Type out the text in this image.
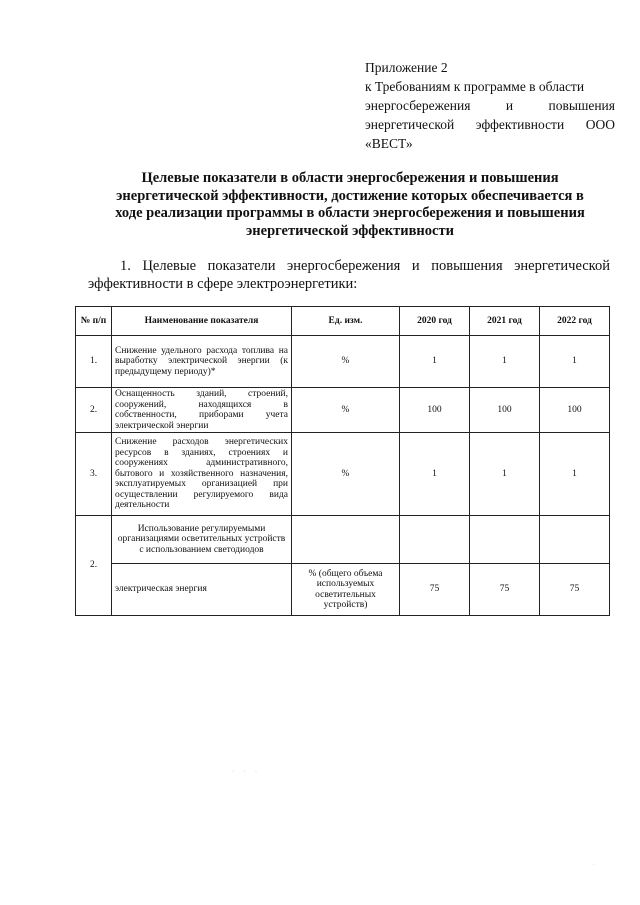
Приложение 2
к Требованиям к программе в области
энергосбережения и повышения
энергетической эффективности ООО
«ВЕСТ»
Целевые показатели в области энергосбережения и повышения
энергетической эффективности, достижение которых обеспечивается в
ходе реализации программы в области энергосбережения и повышения
энергетической эффективности
1. Целевые показатели энергосбережения и повышения энергетической
эффективности в сфере электроэнергетики:
№ п/п	Наименование показателя	Ед. изм.	2020 год	2021 год	2022 год
1.	Снижение удельного расхода топлива на выработку электрической энергии (к предыдущему периоду)*	%	1	1	1
2.	Оснащенность зданий, строений, сооружений, находящихся в собственности, приборами учета электрической энергии	%	100	100	100
3.	Снижение расходов энергетических ресурсов в зданиях, строениях и сооружениях административного, бытового и хозяйственного назначения, эксплуатируемых организацией при осуществлении регулируемого вида деятельности	%	1	1	1
2.	Использование регулируемыми организациями осветительных устройств с использованием светодиодов				
	электрическая энергия	% (общего объема используемых осветительных устройств)	75	75	75
· · ·
·
